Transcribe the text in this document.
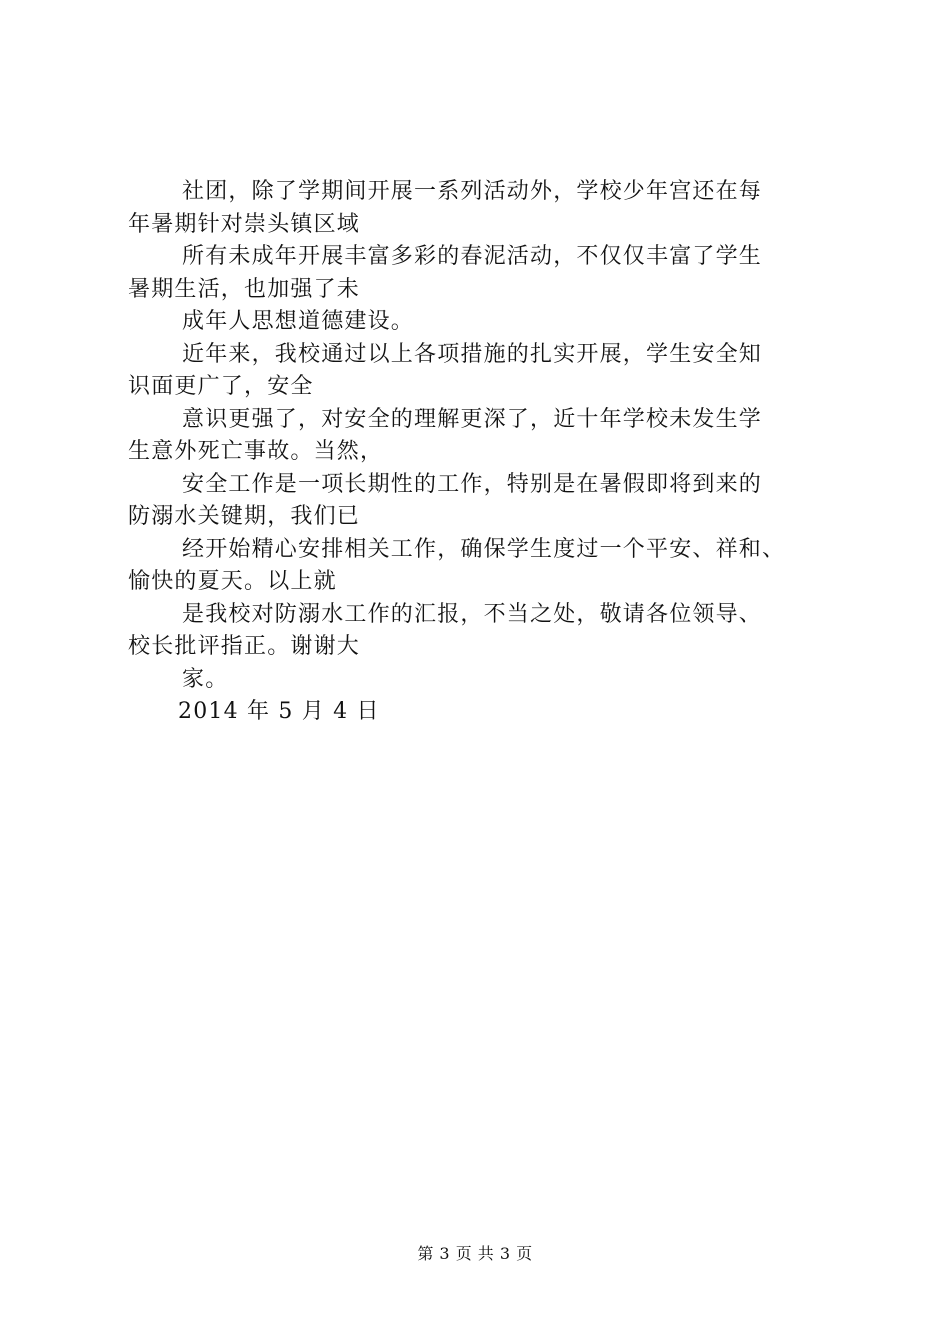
社团，除了学期间开展一系列活动外，学校少年宫还在每
年暑期针对崇头镇区域
所有未成年开展丰富多彩的春泥活动，不仅仅丰富了学生
暑期生活，也加强了未
成年人思想道德建设。
近年来，我校通过以上各项措施的扎实开展，学生安全知
识面更广了，安全
意识更强了，对安全的理解更深了，近十年学校未发生学
生意外死亡事故。当然，
安全工作是一项长期性的工作，特别是在暑假即将到来的
防溺水关键期，我们已
经开始精心安排相关工作，确保学生度过一个平安、祥和、
愉快的夏天。以上就
是我校对防溺水工作的汇报，不当之处，敬请各位领导、
校长批评指正。谢谢大
家。
2014 年 5 月 4 日
第 3 页 共 3 页
